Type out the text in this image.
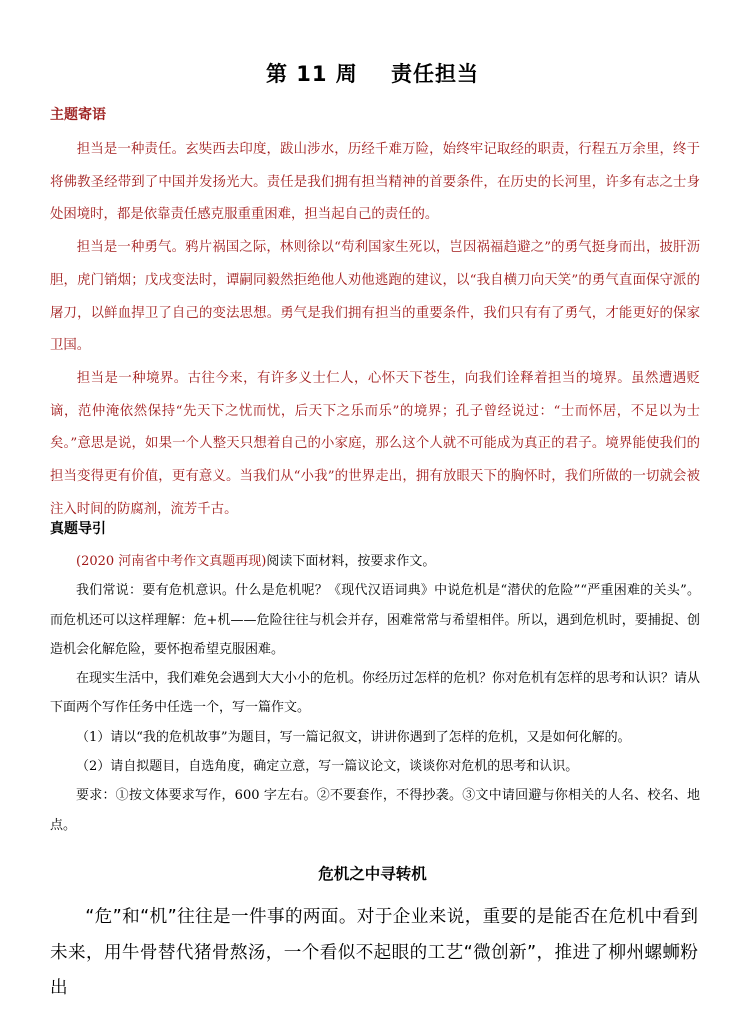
第 11 周    责任担当
主题寄语

担当是一种责任。玄奘西去印度，跋山涉水，历经千难万险，始终牢记取经的职责，行程五万余里，终于将佛教圣经带到了中国并发扬光大。责任是我们拥有担当精神的首要条件，在历史的长河里，许多有志之士身处困境时，都是依靠责任感克服重重困难，担当起自己的责任的。

担当是一种勇气。鸦片祸国之际，林则徐以“苟利国家生死以，岂因祸福趋避之”的勇气挺身而出，披肝沥胆，虎门销烟；戊戌变法时，谭嗣同毅然拒绝他人劝他逃跑的建议，以“我自横刀向天笑”的勇气直面保守派的屠刀，以鲜血捍卫了自己的变法思想。勇气是我们拥有担当的重要条件，我们只有有了勇气，才能更好的保家卫国。

担当是一种境界。古往今来，有许多义士仁人，心怀天下苍生，向我们诠释着担当的境界。虽然遭遇贬谪，范仲淹依然保持“先天下之忧而忧，后天下之乐而乐”的境界；孔子曾经说过：“士而怀居，不足以为士矣。”意思是说，如果一个人整天只想着自己的小家庭，那么这个人就不可能成为真正的君子。境界能使我们的担当变得更有价值，更有意义。当我们从“小我”的世界走出，拥有放眼天下的胸怀时，我们所做的一切就会被注入时间的防腐剂，流芳千古。

真题导引

(2020 河南省中考作文真题再现)阅读下面材料，按要求作文。

我们常说：要有危机意识。什么是危机呢？《现代汉语词典》中说危机是“潜伏的危险”“严重困难的关头”。而危机还可以这样理解：危+机——危险往往与机会并存，困难常常与希望相伴。所以，遇到危机时，要捕捉、创造机会化解危险，要怀抱希望克服困难。

在现实生活中，我们难免会遇到大大小小的危机。你经历过怎样的危机？你对危机有怎样的思考和认识？请从下面两个写作任务中任选一个，写一篇作文。

（1）请以“我的危机故事”为题目，写一篇记叙文，讲讲你遇到了怎样的危机，又是如何化解的。

（2）请自拟题目，自选角度，确定立意，写一篇议论文，谈谈你对危机的思考和认识。

要求：①按文体要求写作，600 字左右。②不要套作，不得抄袭。③文中请回避与你相关的人名、校名、地点。

危机之中寻转机

“危”和“机”往往是一件事的两面。对于企业来说，重要的是能否在危机中看到未来，用牛骨替代猪骨熬汤，一个看似不起眼的工艺“微创新”，推进了柳州螺蛳粉出
